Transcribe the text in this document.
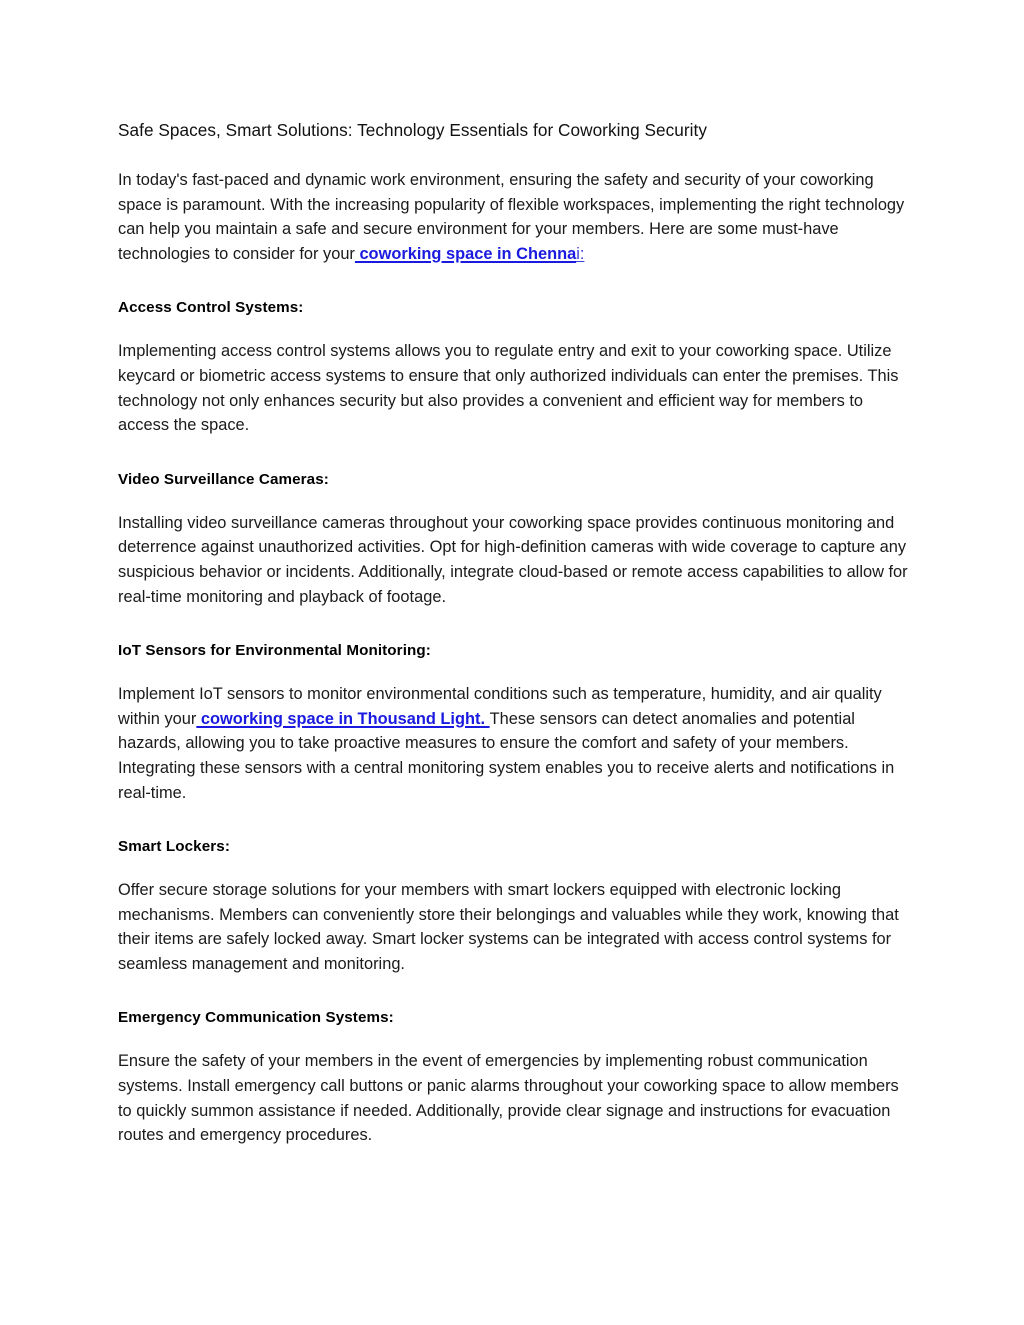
Safe Spaces, Smart Solutions: Technology Essentials for Coworking Security

In today's fast-paced and dynamic work environment, ensuring the safety and security of your coworking space is paramount. With the increasing popularity of flexible workspaces, implementing the right technology can help you maintain a safe and secure environment for your members. Here are some must-have technologies to consider for your coworking space in Chennai:

Access Control Systems:

Implementing access control systems allows you to regulate entry and exit to your coworking space. Utilize keycard or biometric access systems to ensure that only authorized individuals can enter the premises. This technology not only enhances security but also provides a convenient and efficient way for members to access the space.

Video Surveillance Cameras:

Installing video surveillance cameras throughout your coworking space provides continuous monitoring and deterrence against unauthorized activities. Opt for high-definition cameras with wide coverage to capture any suspicious behavior or incidents. Additionally, integrate cloud-based or remote access capabilities to allow for real-time monitoring and playback of footage.

IoT Sensors for Environmental Monitoring:

Implement IoT sensors to monitor environmental conditions such as temperature, humidity, and air quality within your coworking space in Thousand Light. These sensors can detect anomalies and potential hazards, allowing you to take proactive measures to ensure the comfort and safety of your members. Integrating these sensors with a central monitoring system enables you to receive alerts and notifications in real-time.

Smart Lockers:

Offer secure storage solutions for your members with smart lockers equipped with electronic locking mechanisms. Members can conveniently store their belongings and valuables while they work, knowing that their items are safely locked away. Smart locker systems can be integrated with access control systems for seamless management and monitoring.

Emergency Communication Systems:

Ensure the safety of your members in the event of emergencies by implementing robust communication systems. Install emergency call buttons or panic alarms throughout your coworking space to allow members to quickly summon assistance if needed. Additionally, provide clear signage and instructions for evacuation routes and emergency procedures.
